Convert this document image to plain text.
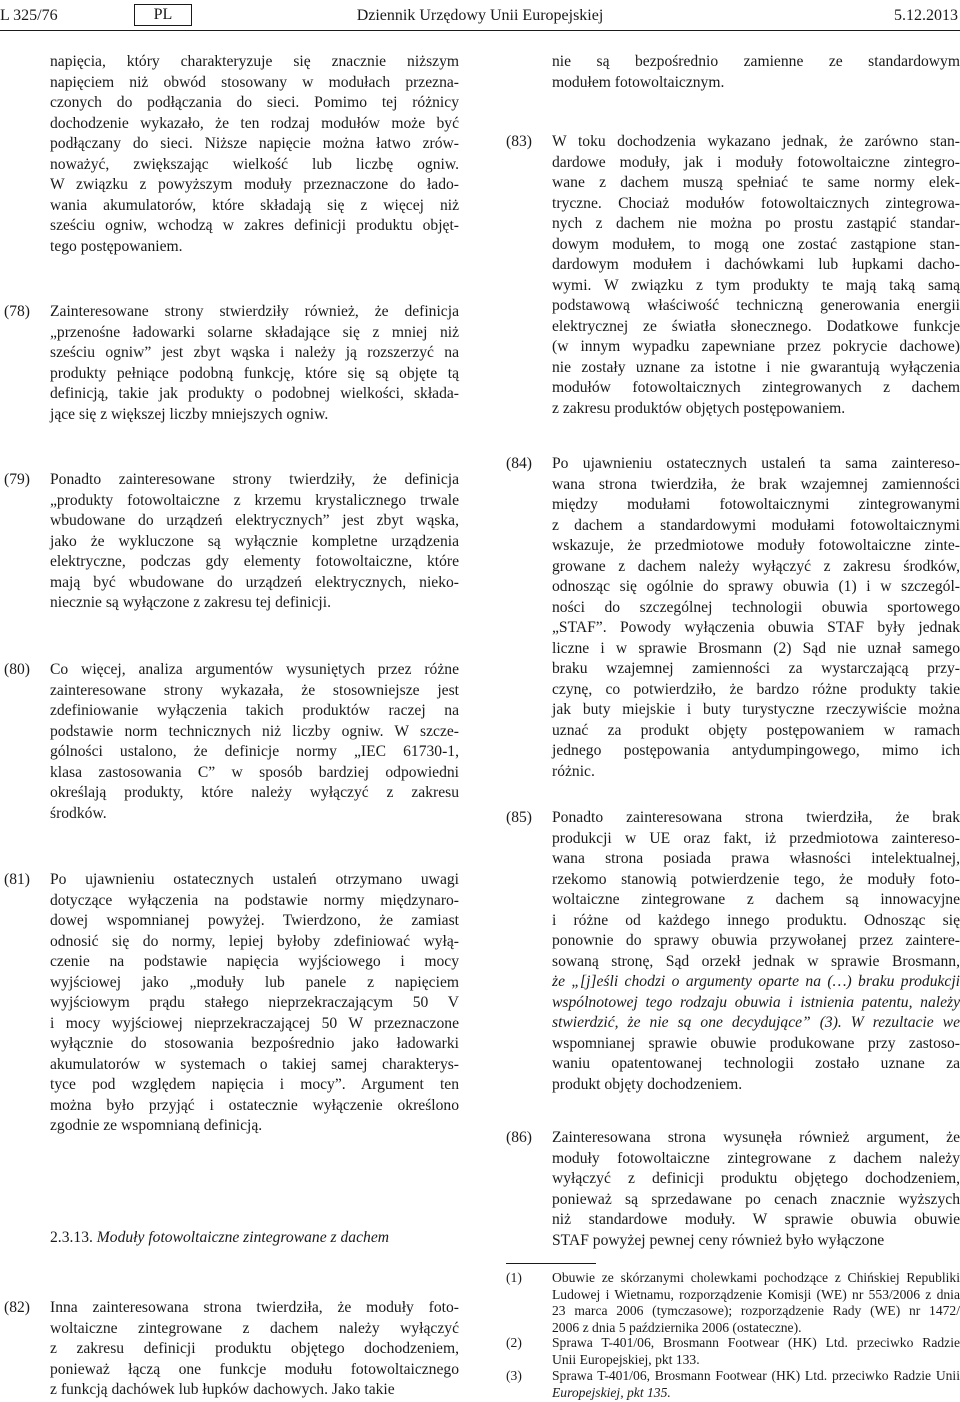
L 325/76	PL	Dziennik Urzędowy Unii Europejskiej	5.12.2013
napięcia, który charakteryzuje się znacznie niższym
napięciem niż obwód stosowany w modułach przezna-
czonych do podłączania do sieci. Pomimo tej różnicy
dochodzenie wykazało, że ten rodzaj modułów może być
podłączany do sieci. Niższe napięcie można łatwo zrów-
noważyć, zwiększając wielkość lub liczbę ogniw.
W związku z powyższym moduły przeznaczone do łado-
wania akumulatorów, które składają się z więcej niż
sześciu ogniw, wchodzą w zakres definicji produktu objęt-
tego postępowaniem.
(78) Zainteresowane strony stwierdziły również, że definicja
„przenośne ładowarki solarne składające się z mniej niż
sześciu ogniw” jest zbyt wąska i należy ją rozszerzyć na
produkty pełniące podobną funkcję, które się są objęte tą
definicją, takie jak produkty o podobnej wielkości, składa-
jące się z większej liczby mniejszych ogniw.
(79) Ponadto zainteresowane strony twierdziły, że definicja
„produkty fotowoltaiczne z krzemu krystalicznego trwale
wbudowane do urządzeń elektrycznych” jest zbyt wąska,
jako że wykluczone są wyłącznie kompletne urządzenia
elektryczne, podczas gdy elementy fotowoltaiczne, które
mają być wbudowane do urządzeń elektrycznych, nieko-
niecznie są wyłączone z zakresu tej definicji.
(80) Co więcej, analiza argumentów wysuniętych przez różne
zainteresowane strony wykazała, że stosowniejsze jest
zdefiniowanie wyłączenia takich produktów raczej na
podstawie norm technicznych niż liczby ogniw. W szcze-
gólności ustalono, że definicje normy „IEC 61730-1,
klasa zastosowania C” w sposób bardziej odpowiedni
określają produkty, które należy wyłączyć z zakresu
środków.
(81) Po ujawnieniu ostatecznych ustaleń otrzymano uwagi
dotyczące wyłączenia na podstawie normy międzynaro-
dowej wspomnianej powyżej. Twierdzono, że zamiast
odnosić się do normy, lepiej byłoby zdefiniować wyłą-
czenie na podstawie napięcia wyjściowego i mocy
wyjściowej jako „moduły lub panele z napięciem
wyjściowym prądu stałego nieprzekraczającym 50 V
i mocy wyjściowej nieprzekraczającej 50 W przeznaczone
wyłącznie do stosowania bezpośrednio jako ładowarki
akumulatorów w systemach o takiej samej charakterys-
tyce pod względem napięcia i mocy”. Argument ten
można było przyjąć i ostatecznie wyłączenie określono
zgodnie ze wspomnianą definicją.
2.3.13. Moduły fotowoltaiczne zintegrowane z dachem
(82) Inna zainteresowana strona twierdziła, że moduły foto-
woltaiczne zintegrowane z dachem należy wyłączyć
z zakresu definicji produktu objętego dochodzeniem,
ponieważ łączą one funkcje modułu fotowoltaicznego
z funkcją dachówek lub łupków dachowych. Jako takie
nie są bezpośrednio zamienne ze standardowym
modułem fotowoltaicznym.
(83) W toku dochodzenia wykazano jednak, że zarówno stan-
dardowe moduły, jak i moduły fotowoltaiczne zintegro-
wane z dachem muszą spełniać te same normy elek-
tryczne. Chociaż modułów fotowoltaicznych zintegrowa-
nych z dachem nie można po prostu zastąpić standar-
dowym modułem, to mogą one zostać zastąpione stan-
dardowym modułem i dachówkami lub łupkami dacho-
wymi. W związku z tym produkty te mają taką samą
podstawową właściwość techniczną generowania energii
elektrycznej ze światła słonecznego. Dodatkowe funkcje
(w innym wypadku zapewniane przez pokrycie dachowe)
nie zostały uznane za istotne i nie gwarantują wyłączenia
modułów fotowoltaicznych zintegrowanych z dachem
z zakresu produktów objętych postępowaniem.
(84) Po ujawnieniu ostatecznych ustaleń ta sama zaintereso-
wana strona twierdziła, że brak wzajemnej zamienności
między modułami fotowoltaicznymi zintegrowanymi
z dachem a standardowymi modułami fotowoltaicznymi
wskazuje, że przedmiotowe moduły fotowoltaiczne zinte-
growane z dachem należy wyłączyć z zakresu środków,
odnosząc się ogólnie do sprawy obuwia (1) i w szczegól-
ności do szczególnej technologii obuwia sportowego
„STAF”. Powody wyłączenia obuwia STAF były jednak
liczne i w sprawie Brosmann (2) Sąd nie uznał samego
braku wzajemnej zamienności za wystarczającą przy-
czynę, co potwierdziło, że bardzo różne produkty takie
jak buty miejskie i buty turystyczne rzeczywiście można
uznać za produkt objęty postępowaniem w ramach
jednego postępowania antydumpingowego, mimo ich
różnic.
(85) Ponadto zainteresowana strona twierdziła, że brak
produkcji w UE oraz fakt, iż przedmiotowa zaintereso-
wana strona posiada prawa własności intelektualnej,
rzekomo stanowią potwierdzenie tego, że moduły foto-
woltaiczne zintegrowane z dachem są innowacyjne
i różne od każdego innego produktu. Odnosząc się
ponownie do sprawy obuwia przywołanej przez zaintere-
sowaną stronę, Sąd orzekł jednak w sprawie Brosmann,
że „[j]eśli chodzi o argumenty oparte na (…) braku produkcji
wspólnotowej tego rodzaju obuwia i istnienia patentu, należy
stwierdzić, że nie są one decydujące” (3). W rezultacie we
wspomnianej sprawie obuwie produkowane przy zastoso-
waniu opatentowanej technologii zostało uznane za
produkt objęty dochodzeniem.
(86) Zainteresowana strona wysunęła również argument, że
moduły fotowoltaiczne zintegrowane z dachem należy
wyłączyć z definicji produktu objętego dochodzeniem,
ponieważ są sprzedawane po cenach znacznie wyższych
niż standardowe moduły. W sprawie obuwia obuwie
STAF powyżej pewnej ceny również było wyłączone
(1) Obuwie ze skórzanymi cholewkami pochodzące z Chińskiej Republiki
Ludowej i Wietnamu, rozporządzenie Komisji (WE) nr 553/2006 z dnia
23 marca 2006 (tymczasowe); rozporządzenie Rady (WE) nr 1472/
2006 z dnia 5 października 2006 (ostateczne).
(2) Sprawa T-401/06, Brosmann Footwear (HK) Ltd. przeciwko Radzie
Unii Europejskiej, pkt 133.
(3) Sprawa T-401/06, Brosmann Footwear (HK) Ltd. przeciwko Radzie Unii
Europejskiej, pkt 135.
